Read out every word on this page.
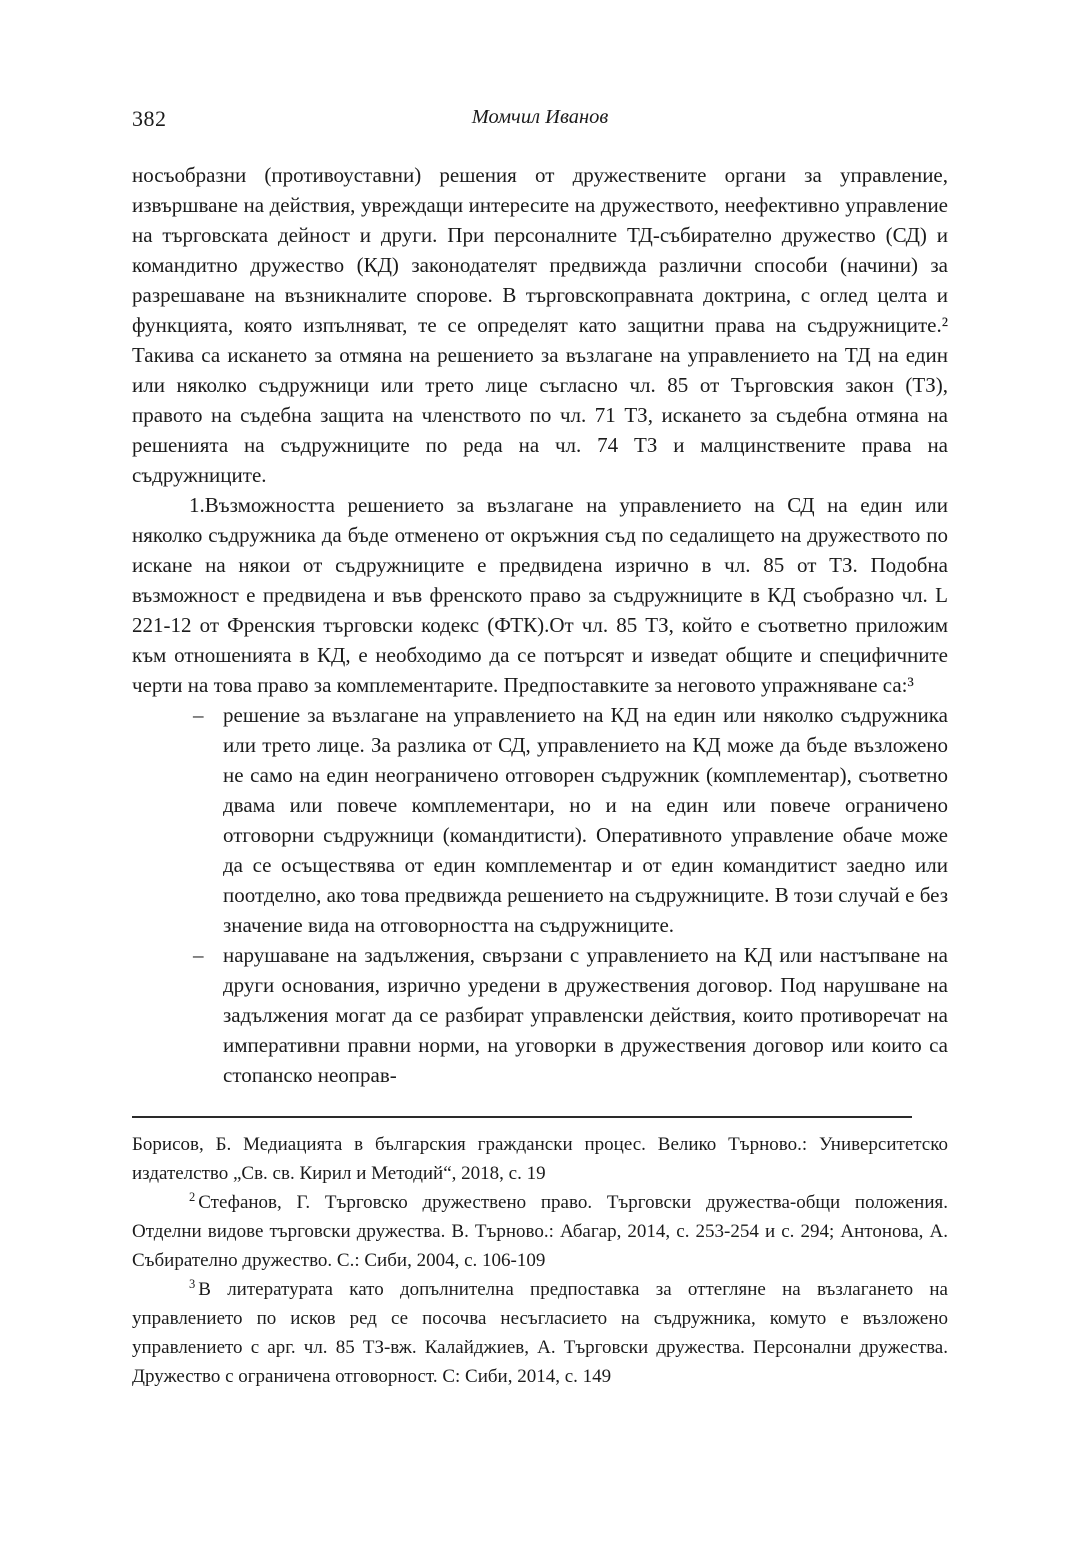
382	Момчил Иванов

носъобразни (противоуставни) решения от дружествените органи за управление, извършване на действия, увреждащи интересите на дружеството, неефективно управление на търговската дейност и други. При персоналните ТД-събирателно дружество (СД) и командитно дружество (КД) законодателят предвижда различни способи (начини) за разрешаване на възникналите спорове. В търговскоправната доктрина, с оглед целта и функцията, която изпълняват, те се определят като защитни права на съдружниците.² Такива са искането за отмяна на решението за възлагане на управлението на ТД на един или няколко съдружници или трето лице съгласно чл. 85 от Търговския закон (ТЗ), правото на съдебна защита на членството по чл. 71 ТЗ, искането за съдебна отмяна на решенията на съдружниците по реда на чл. 74 ТЗ и малцинствените права на съдружниците.

1.Възможността решението за възлагане на управлението на СД на един или няколко съдружника да бъде отменено от окръжния съд по седалището на дружеството по искане на някои от съдружниците е предвидена изрично в чл. 85 от ТЗ. Подобна възможност е предвидена и във френското право за съдружниците в КД съобразно чл. L 221-12 от Френския търговски кодекс (ФТК).От чл. 85 ТЗ, който е съответно приложим към отношенията в КД, е необходимо да се потърсят и изведат общите и специфичните черти на това право за комплементарите. Предпоставките за неговото упражняване са:³

– решение за възлагане на управлението на КД на един или няколко съдружника или трето лице. За разлика от СД, управлението на КД може да бъде възложено не само на един неограничено отговорен съдружник (комплементар), съответно двама или повече комплементари, но и на един или повече ограничено отговорни съдружници (командитисти). Оперативното управление обаче може да се осъществява от един комплементар и от един командитист заедно или поотделно, ако това предвижда решението на съдружниците. В този случай е без значение вида на отговорността на съдружниците.
– нарушаване на задължения, свързани с управлението на КД или настъпване на други основания, изрично уредени в дружествения договор. Под нарушване на задължения могат да се разбират управленски действия, които противоречат на императивни правни норми, на уговорки в дружествения договор или които са стопанско неоправ-

Борисов, Б. Медиацията в българския граждански процес. Велико Търново.: Университетско издателство „Св. св. Кирил и Методий“, 2018, с. 19

$^2$ Стефанов, Г. Търговско дружествено право. Търговски дружества-общи положения. Отделни видове търговски дружества. В. Търново.: Абагар, 2014, с. 253-254 и с. 294; Антонова, А. Събирателно дружество. С.: Сиби, 2004, с. 106-109

$^3$ В литературата като допълнителна предпоставка за оттегляне на възлагането на управлението по исков ред се посочва несъгласието на съдружника, комуто е възложено управлението с арг. чл. 85 ТЗ-вж. Калайджиев, А. Търговски дружества. Персонални дружества. Дружество с ограничена отговорност. С: Сиби, 2014, с. 149
